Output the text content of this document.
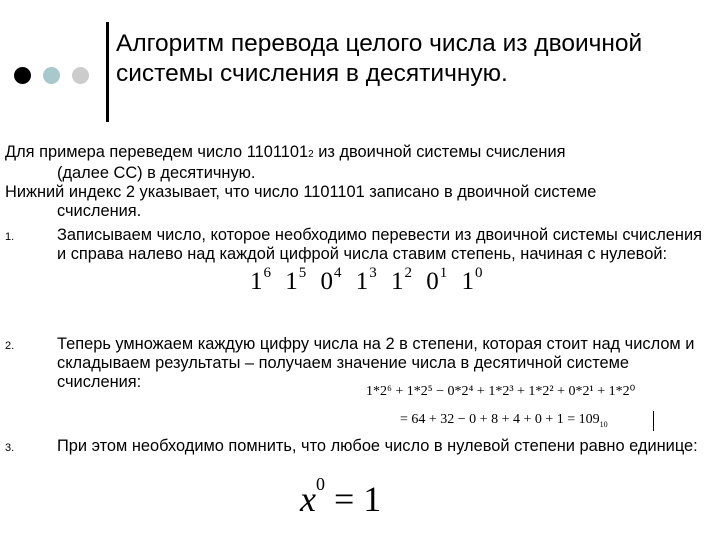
Алгоритм перевода целого числа из двоичной системы счисления в десятичную.
Для примера переведем число 11011012 из двоичной системы счисления
(далее СС) в десятичную.
Нижний индекс 2 указывает, что число 1101101 записано в двоичной системе
счисления.
1.	Записываем число, которое необходимо перевести из двоичной системы счисления и справа налево над каждой цифрой числа ставим степень, начиная с нулевой:
$1^6$ $1^5$ $0^4$ $1^3$ $1^2$ $0^1$ $1^0$
2.	Теперь умножаем каждую цифру числа на 2 в степени, которая стоит над числом и складываем результаты – получаем значение числа в десятичной системе счисления:
1*2⁶ + 1*2⁵ − 0*2⁴ + 1*2³ + 1*2² + 0*2¹ + 1*2⁰
= $64 + 32 - 0 + 8 + 4 + 0 + 1 = 109_{10}$
3.	При этом необходимо помнить, что любое число в нулевой степени равно единице:
$x^0 = 1$
